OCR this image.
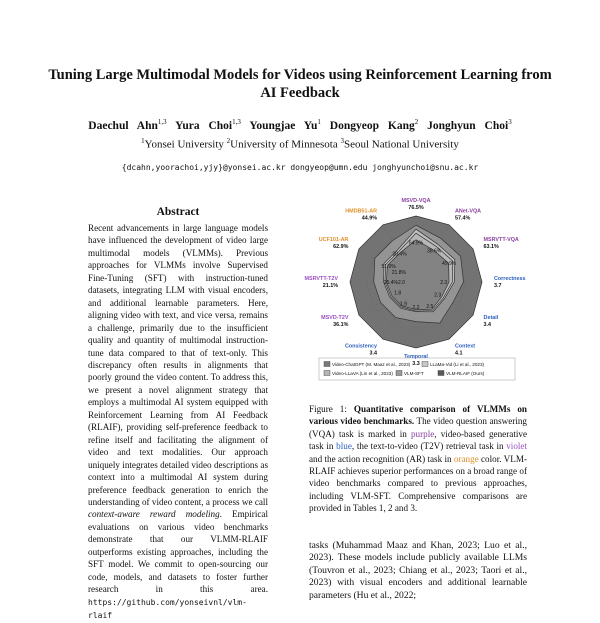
Tuning Large Multimodal Models for Videos using Reinforcement Learning from AI Feedback
Daechul Ahn$^{1,3}$ Yura Choi$^{1,3}$ Youngjae Yu$^1$ Dongyeop Kang$^2$ Jonghyun Choi$^3$
$^1$Yonsei University $^2$University of Minnesota $^3$Seoul National University
{dcahn,yoorachoi,yjy}@yonsei.ac.kr dongyeop@umn.edu jonghyunchoi@snu.ac.kr
Abstract
Recent advancements in large language models have influenced the development of video large multimodal models (VLMMs). Previous approaches for VLMMs involve Supervised Fine-Tuning (SFT) with instruction-tuned datasets, integrating LLM with visual encoders, and additional learnable parameters. Here, aligning video with text, and vice versa, remains a challenge, primarily due to the insufficient quality and quantity of multimodal instruction-tune data compared to that of text-only. This discrepancy often results in alignments that poorly ground the video content. To address this, we present a novel alignment strategy that employs a multimodal AI system equipped with Reinforcement Learning from AI Feedback (RLAIF), providing self-preference feedback to refine itself and facilitating the alignment of video and text modalities. Our approach uniquely integrates detailed video descriptions as context into a multimodal AI system during preference feedback generation to enrich the understanding of video content, a process we call context-aware reward modeling. Empirical evaluations on various video benchmarks demonstrate that our VLMM-RLAIF outperforms existing approaches, including the SFT model. We commit to open-sourcing our code, models, and datasets to foster further research in this area. https://github.com/yonseivnl/vlm-rlaif
MSVD-VQA
76.5%
ANet-VQA
57.4%
MSRVTT-VQA
63.1%
Correctness
3.7
Detail
3.4
Context
4.1
Temporal
3.3
Consistency
3.4
MSVD-T2V
36.1%
MSRVTT-T2V
21.1%
UCF101-AR
62.9%
HMDB51-AR
44.9%
64.9%
38.6%
49.9%
30.4%
51.9%
21.8%
25.4%	2.3
2.3
2.5
2.2
1.9
1.8
2.0
Video-ChatGPT (M. Maaz et al., 2023)	LLaMa-Vid (Li et al., 2023)
Video-LLaVA (Lin et al., 2023) VLM-SFT	VLM-RLAIF (Ours)
Figure 1: Quantitative comparison of VLMMs on various video benchmarks. The video question answering (VQA) task is marked in purple, video-based generative task in blue, the text-to-video (T2V) retrieval task in violet and the action recognition (AR) task in orange color. VLM-RLAIF achieves superior performances on a broad range of video benchmarks compared to previous approaches, including VLM-SFT. Comprehensive comparisons are provided in Tables 1, 2 and 3.
tasks (Muhammad Maaz and Khan, 2023; Luo et al., 2023). These models include publicly available LLMs (Touvron et al., 2023; Chiang et al., 2023; Taori et al., 2023) with visual encoders and additional learnable parameters (Hu et al., 2022;
